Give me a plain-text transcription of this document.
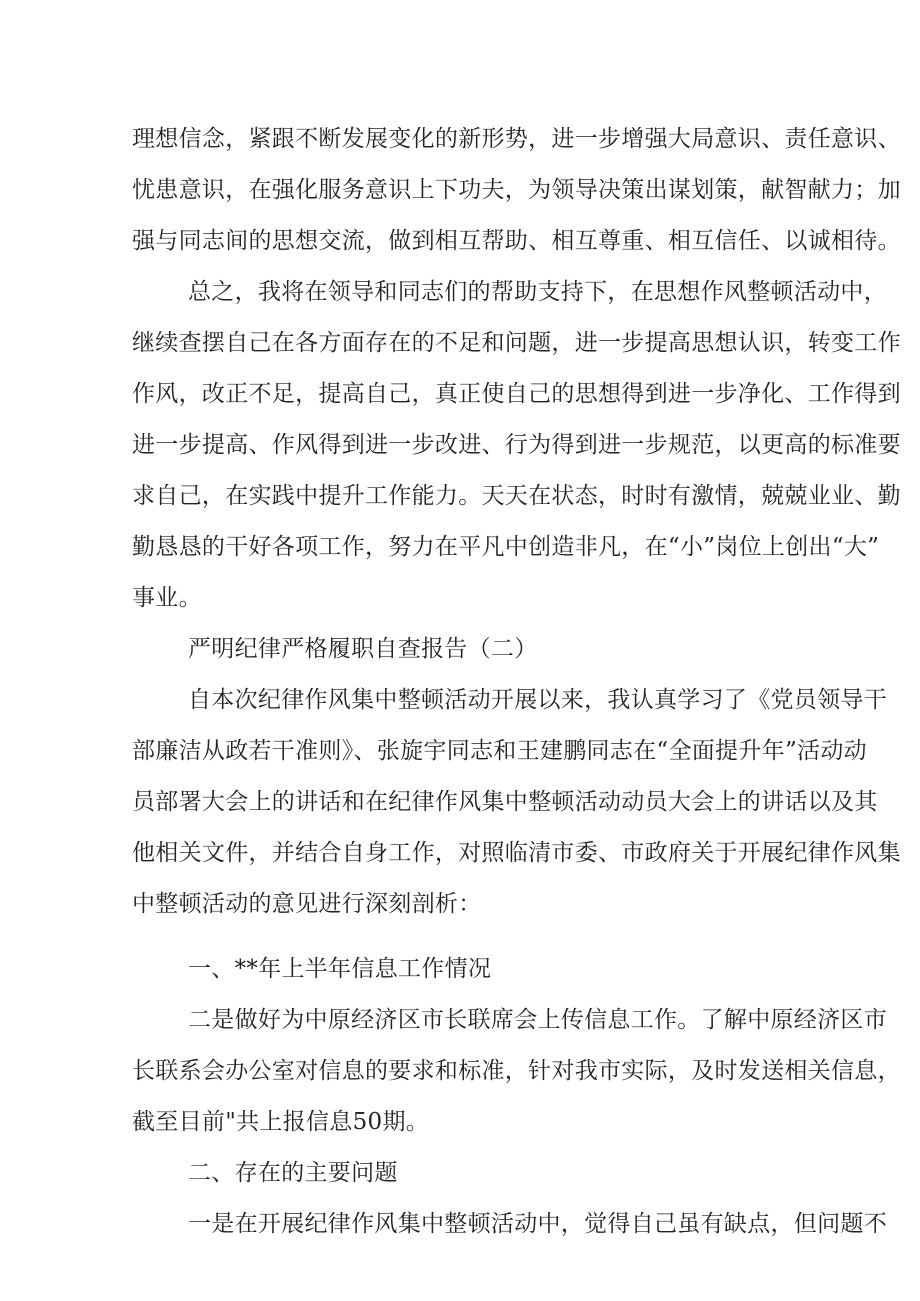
理想信念，紧跟不断发展变化的新形势，进一步增强大局意识、责任意识、
忧患意识，在强化服务意识上下功夫，为领导决策出谋划策，献智献力；加
强与同志间的思想交流，做到相互帮助、相互尊重、相互信任、以诚相待。
总之，我将在领导和同志们的帮助支持下，在思想作风整顿活动中，
继续查摆自己在各方面存在的不足和问题，进一步提高思想认识，转变工作
作风，改正不足，提高自己，真正使自己的思想得到进一步净化、工作得到
进一步提高、作风得到进一步改进、行为得到进一步规范，以更高的标准要
求自己，在实践中提升工作能力。天天在状态，时时有激情，兢兢业业、勤
勤恳恳的干好各项工作，努力在平凡中创造非凡，在“小”岗位上创出“大”
事业。
严明纪律严格履职自查报告（二）
自本次纪律作风集中整顿活动开展以来，我认真学习了《党员领导干
部廉洁从政若干准则》、张旋宇同志和王建鹏同志在“全面提升年”活动动
员部署大会上的讲话和在纪律作风集中整顿活动动员大会上的讲话以及其
他相关文件，并结合自身工作，对照临清市委、市政府关于开展纪律作风集
中整顿活动的意见进行深刻剖析：
一、**年上半年信息工作情况
二是做好为中原经济区市长联席会上传信息工作。了解中原经济区市
长联系会办公室对信息的要求和标准，针对我市实际，及时发送相关信息，
截至目前"共上报信息50期。
二、存在的主要问题
一是在开展纪律作风集中整顿活动中，觉得自己虽有缺点，但问题不
